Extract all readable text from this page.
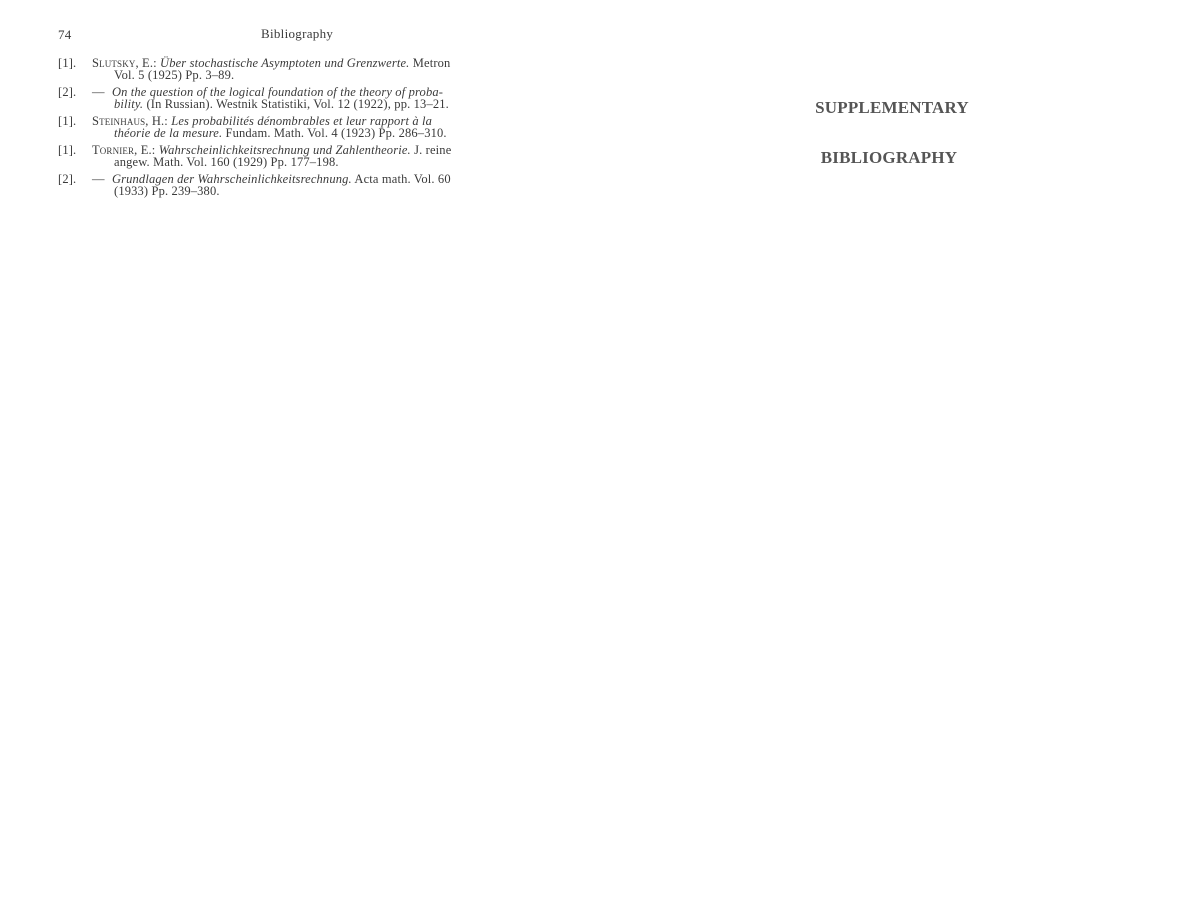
74	Bibliography
[1].	Slutsky, E.: Über stochastische Asymptoten und Grenzwerte. Metron
Vol. 5 (1925) Pp. 3–89.
[2].	— On the question of the logical foundation of the theory of proba-
bility. (In Russian). Westnik Statistiki, Vol. 12 (1922), pp. 13–21.
[1].	Steinhaus, H.: Les probabilités dénombrables et leur rapport à la
théorie de la mesure. Fundam. Math. Vol. 4 (1923) Pp. 286–310.
[1].	Tornier, E.: Wahrscheinlichkeitsrechnung und Zahlentheorie. J. reine
angew. Math. Vol. 160 (1929) Pp. 177–198.
[2].	— Grundlagen der Wahrscheinlichkeitsrechnung. Acta math. Vol. 60
(1933) Pp. 239–380.
SUPPLEMENTARY
BIBLIOGRAPHY
